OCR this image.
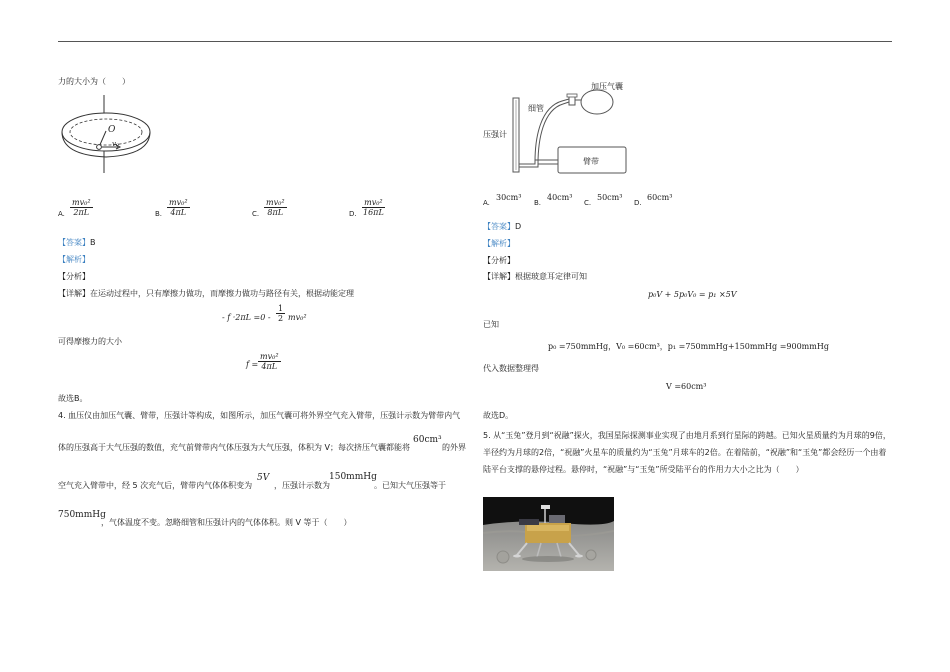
力的大小为（　　）
O
v₀
A. $\frac{\text{mv₀²}}{2\pi L}$	B. $\frac{\text{mv₀²}}{4\pi L}$	C. $\frac{\text{mv₀²}}{8\pi L}$	D. $\frac{\text{mv₀²}}{16\pi L}$
【答案】B
【解析】
【分析】
【详解】在运动过程中，只有摩擦力做功，而摩擦力做功与路径有关，根据动能定理
- $f \cdot 2\pi L =0 - \frac{1}{2} mv_0^2$
可得摩擦力的大小
$f = \frac{\text{mv₀²}}{4\pi L}$
故选B。
4. 血压仪由加压气囊、臂带，压强计等构成，如图所示，加压气囊可将外界空气充入臂带，压强计示数为臂带内气
体的压强高于大气压强的数值，充气前臂带内气体压强为大气压强，体积为 V；每次挤压气囊都能将
60cm³
的外界
空气充入臂带中，经 5 次充气后，臂带内气体体积变为
5V
，压强计示数为
150mmHg
。已知大气压强等于
750mmHg
，气体温度不变。忽略细管和压强计内的气体体积。则 V 等于（　　）
压强计
细管
加压气囊
臂带
A.
30cm³
B.
40cm³
C.
50cm³
D.
60cm³
【答案】D
【解析】
【分析】
【详解】根据玻意耳定律可知
p₀V + 5p₀V₀ = p₁ ×5V
已知
p₀ =750mmHg，V₀ =60cm³，p₁ =750mmHg+150mmHg =900mmHg
代入数据整理得
V =60cm³
故选D。
5. 从“玉兔”登月到“祝融”探火，我国星际探测事业实现了由地月系到行星际的跨越。已知火星质量约为月球的9倍，半径约为月球的2倍，“祝融”火星车的质量约为“玉兔”月球车的2倍。在着陆前，“祝融”和“玉兔”都会经历一个由着陆平台支撑的悬停过程。悬停时，“祝融”与“玉兔”所受陆平台的作用力大小之比为（　　）
